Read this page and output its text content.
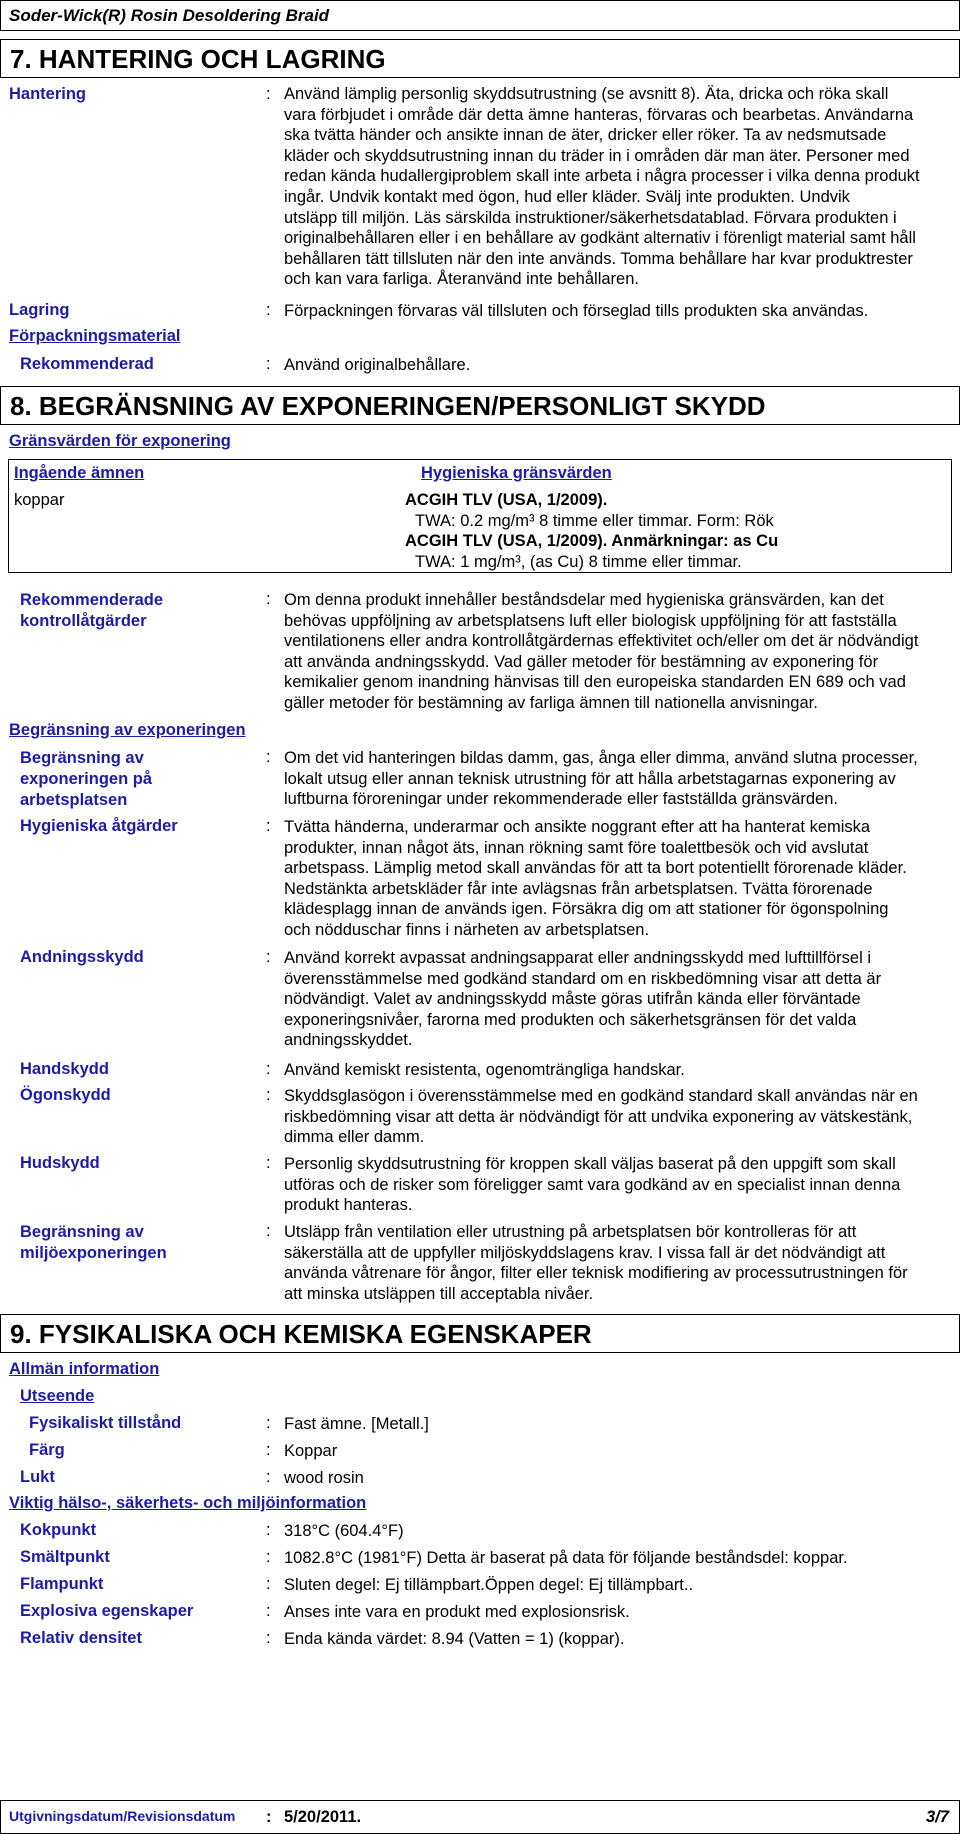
Soder-Wick(R) Rosin Desoldering Braid
7. HANTERING OCH LAGRING
Hantering	: Använd lämplig personlig skyddsutrustning (se avsnitt 8). Äta, dricka och röka skall
vara förbjudet i område där detta ämne hanteras, förvaras och bearbetas. Användarna
ska tvätta händer och ansikte innan de äter, dricker eller röker. Ta av nedsmutsade
kläder och skyddsutrustning innan du träder in i områden där man äter. Personer med
redan kända hudallergiproblem skall inte arbeta i några processer i vilka denna produkt
ingår. Undvik kontakt med ögon, hud eller kläder. Svälj inte produkten. Undvik
utsläpp till miljön. Läs särskilda instruktioner/säkerhetsdatablad. Förvara produkten i
originalbehållaren eller i en behållare av godkänt alternativ i förenligt material samt håll
behållaren tätt tillsluten när den inte används. Tomma behållare har kvar produktrester
och kan vara farliga. Återanvänd inte behållaren.
Lagring	: Förpackningen förvaras väl tillsluten och förseglad tills produkten ska användas.
Förpackningsmaterial
Rekommenderad	: Använd originalbehållare.
8. BEGRÄNSNING AV EXPONERINGEN/PERSONLIGT SKYDD
Gränsvärden för exponering
Ingående ämnen	Hygieniska gränsvärden
koppar	ACGIH TLV (USA, 1/2009).
TWA: 0.2 mg/m³ 8 timme eller timmar. Form: Rök
ACGIH TLV (USA, 1/2009). Anmärkningar: as Cu
TWA: 1 mg/m³, (as Cu) 8 timme eller timmar.
Rekommenderade
kontrollåtgärder
: Om denna produkt innehåller beståndsdelar med hygieniska gränsvärden, kan det
behövas uppföljning av arbetsplatsens luft eller biologisk uppföljning för att fastställa
ventilationens eller andra kontrollåtgärdernas effektivitet och/eller om det är nödvändigt
att använda andningsskydd. Vad gäller metoder för bestämning av exponering för
kemikalier genom inandning hänvisas till den europeiska standarden EN 689 och vad
gäller metoder för bestämning av farliga ämnen till nationella anvisningar.
Begränsning av exponeringen
Begränsning av
exponeringen på
arbetsplatsen
: Om det vid hanteringen bildas damm, gas, ånga eller dimma, använd slutna processer,
lokalt utsug eller annan teknisk utrustning för att hålla arbetstagarnas exponering av
luftburna föroreningar under rekommenderade eller fastställda gränsvärden.
Hygieniska åtgärder	: Tvätta händerna, underarmar och ansikte noggrant efter att ha hanterat kemiska
produkter, innan något äts, innan rökning samt före toalettbesök och vid avslutat
arbetspass. Lämplig metod skall användas för att ta bort potentiellt förorenade kläder.
Nedstänkta arbetskläder får inte avlägsnas från arbetsplatsen. Tvätta förorenade
klädesplagg innan de används igen. Försäkra dig om att stationer för ögonspolning
och nödduschar finns i närheten av arbetsplatsen.
Andningsskydd	: Använd korrekt avpassat andningsapparat eller andningsskydd med lufttillförsel i
överensstämmelse med godkänd standard om en riskbedömning visar att detta är
nödvändigt. Valet av andningsskydd måste göras utifrån kända eller förväntade
exponeringsnivåer, farorna med produkten och säkerhetsgränsen för det valda
andningsskyddet.
Handskydd	: Använd kemiskt resistenta, ogenomträngliga handskar.
Ögonskydd	: Skyddsglasögon i överensstämmelse med en godkänd standard skall användas när en
riskbedömning visar att detta är nödvändigt för att undvika exponering av vätskestänk,
dimma eller damm.
Hudskydd	: Personlig skyddsutrustning för kroppen skall väljas baserat på den uppgift som skall
utföras och de risker som föreligger samt vara godkänd av en specialist innan denna
produkt hanteras.
Begränsning av
miljöexponeringen
: Utsläpp från ventilation eller utrustning på arbetsplatsen bör kontrolleras för att
säkerställa att de uppfyller miljöskyddslagens krav. I vissa fall är det nödvändigt att
använda våtrenare för ångor, filter eller teknisk modifiering av processutrustningen för
att minska utsläppen till acceptabla nivåer.
9. FYSIKALISKA OCH KEMISKA EGENSKAPER
Allmän information
Utseende
Fysikaliskt tillstånd	: Fast ämne. [Metall.]
Färg	: Koppar
Lukt	: wood rosin
Viktig hälso-, säkerhets- och miljöinformation
Kokpunkt	: 318°C (604.4°F)
Smältpunkt	: 1082.8°C (1981°F) Detta är baserat på data för följande beståndsdel: koppar.
Flampunkt	: Sluten degel: Ej tillämpbart.Öppen degel: Ej tillämpbart..
Explosiva egenskaper	: Anses inte vara en produkt med explosionsrisk.
Relativ densitet	: Enda kända värdet: 8.94 (Vatten = 1) (koppar).
Utgivningsdatum/Revisionsdatum : 5/20/2011.	3/7
